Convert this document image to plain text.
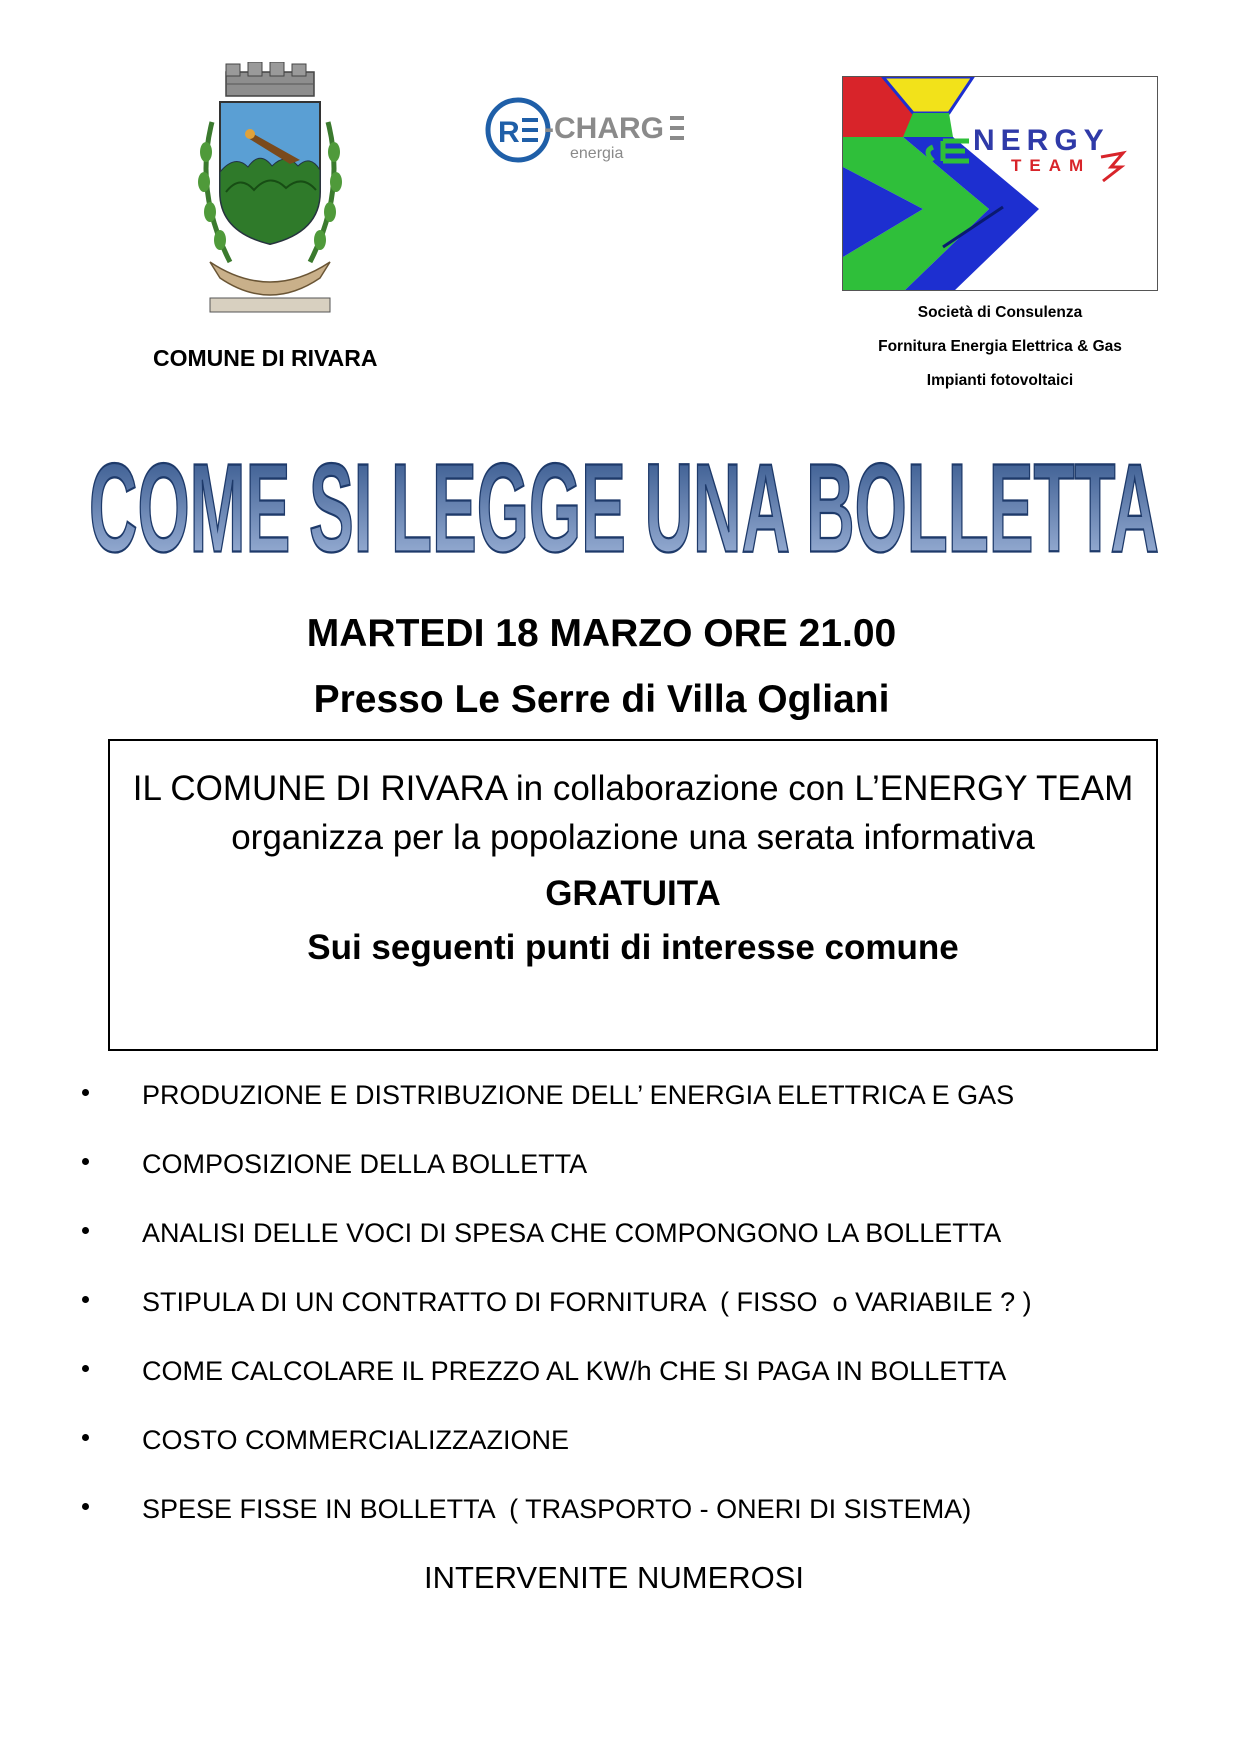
COMUNE DI RIVARA
R -CHARG
energia	NERGY
TEAM
Società di Consulenza
Fornitura Energia Elettrica & Gas
Impianti fotovoltaici
COME SI LEGGE UNA BOLLETTA
MARTEDI 18 MARZO ORE 21.00
Presso Le Serre di Villa Ogliani
IL COMUNE DI RIVARA in collaborazione con L’ENERGY TEAM organizza per la popolazione una serata informativa
GRATUITA
Sui seguenti punti di interesse comune
PRODUZIONE E DISTRIBUZIONE DELL’ ENERGIA ELETTRICA E GAS
COMPOSIZIONE DELLA BOLLETTA
ANALISI DELLE VOCI DI SPESA CHE COMPONGONO LA BOLLETTA
STIPULA DI UN CONTRATTO DI FORNITURA  ( FISSO  o VARIABILE ? )
COME CALCOLARE IL PREZZO AL KW/h CHE SI PAGA IN BOLLETTA
COSTO COMMERCIALIZZAZIONE
SPESE FISSE IN BOLLETTA  ( TRASPORTO - ONERI DI SISTEMA)
INTERVENITE NUMEROSI
